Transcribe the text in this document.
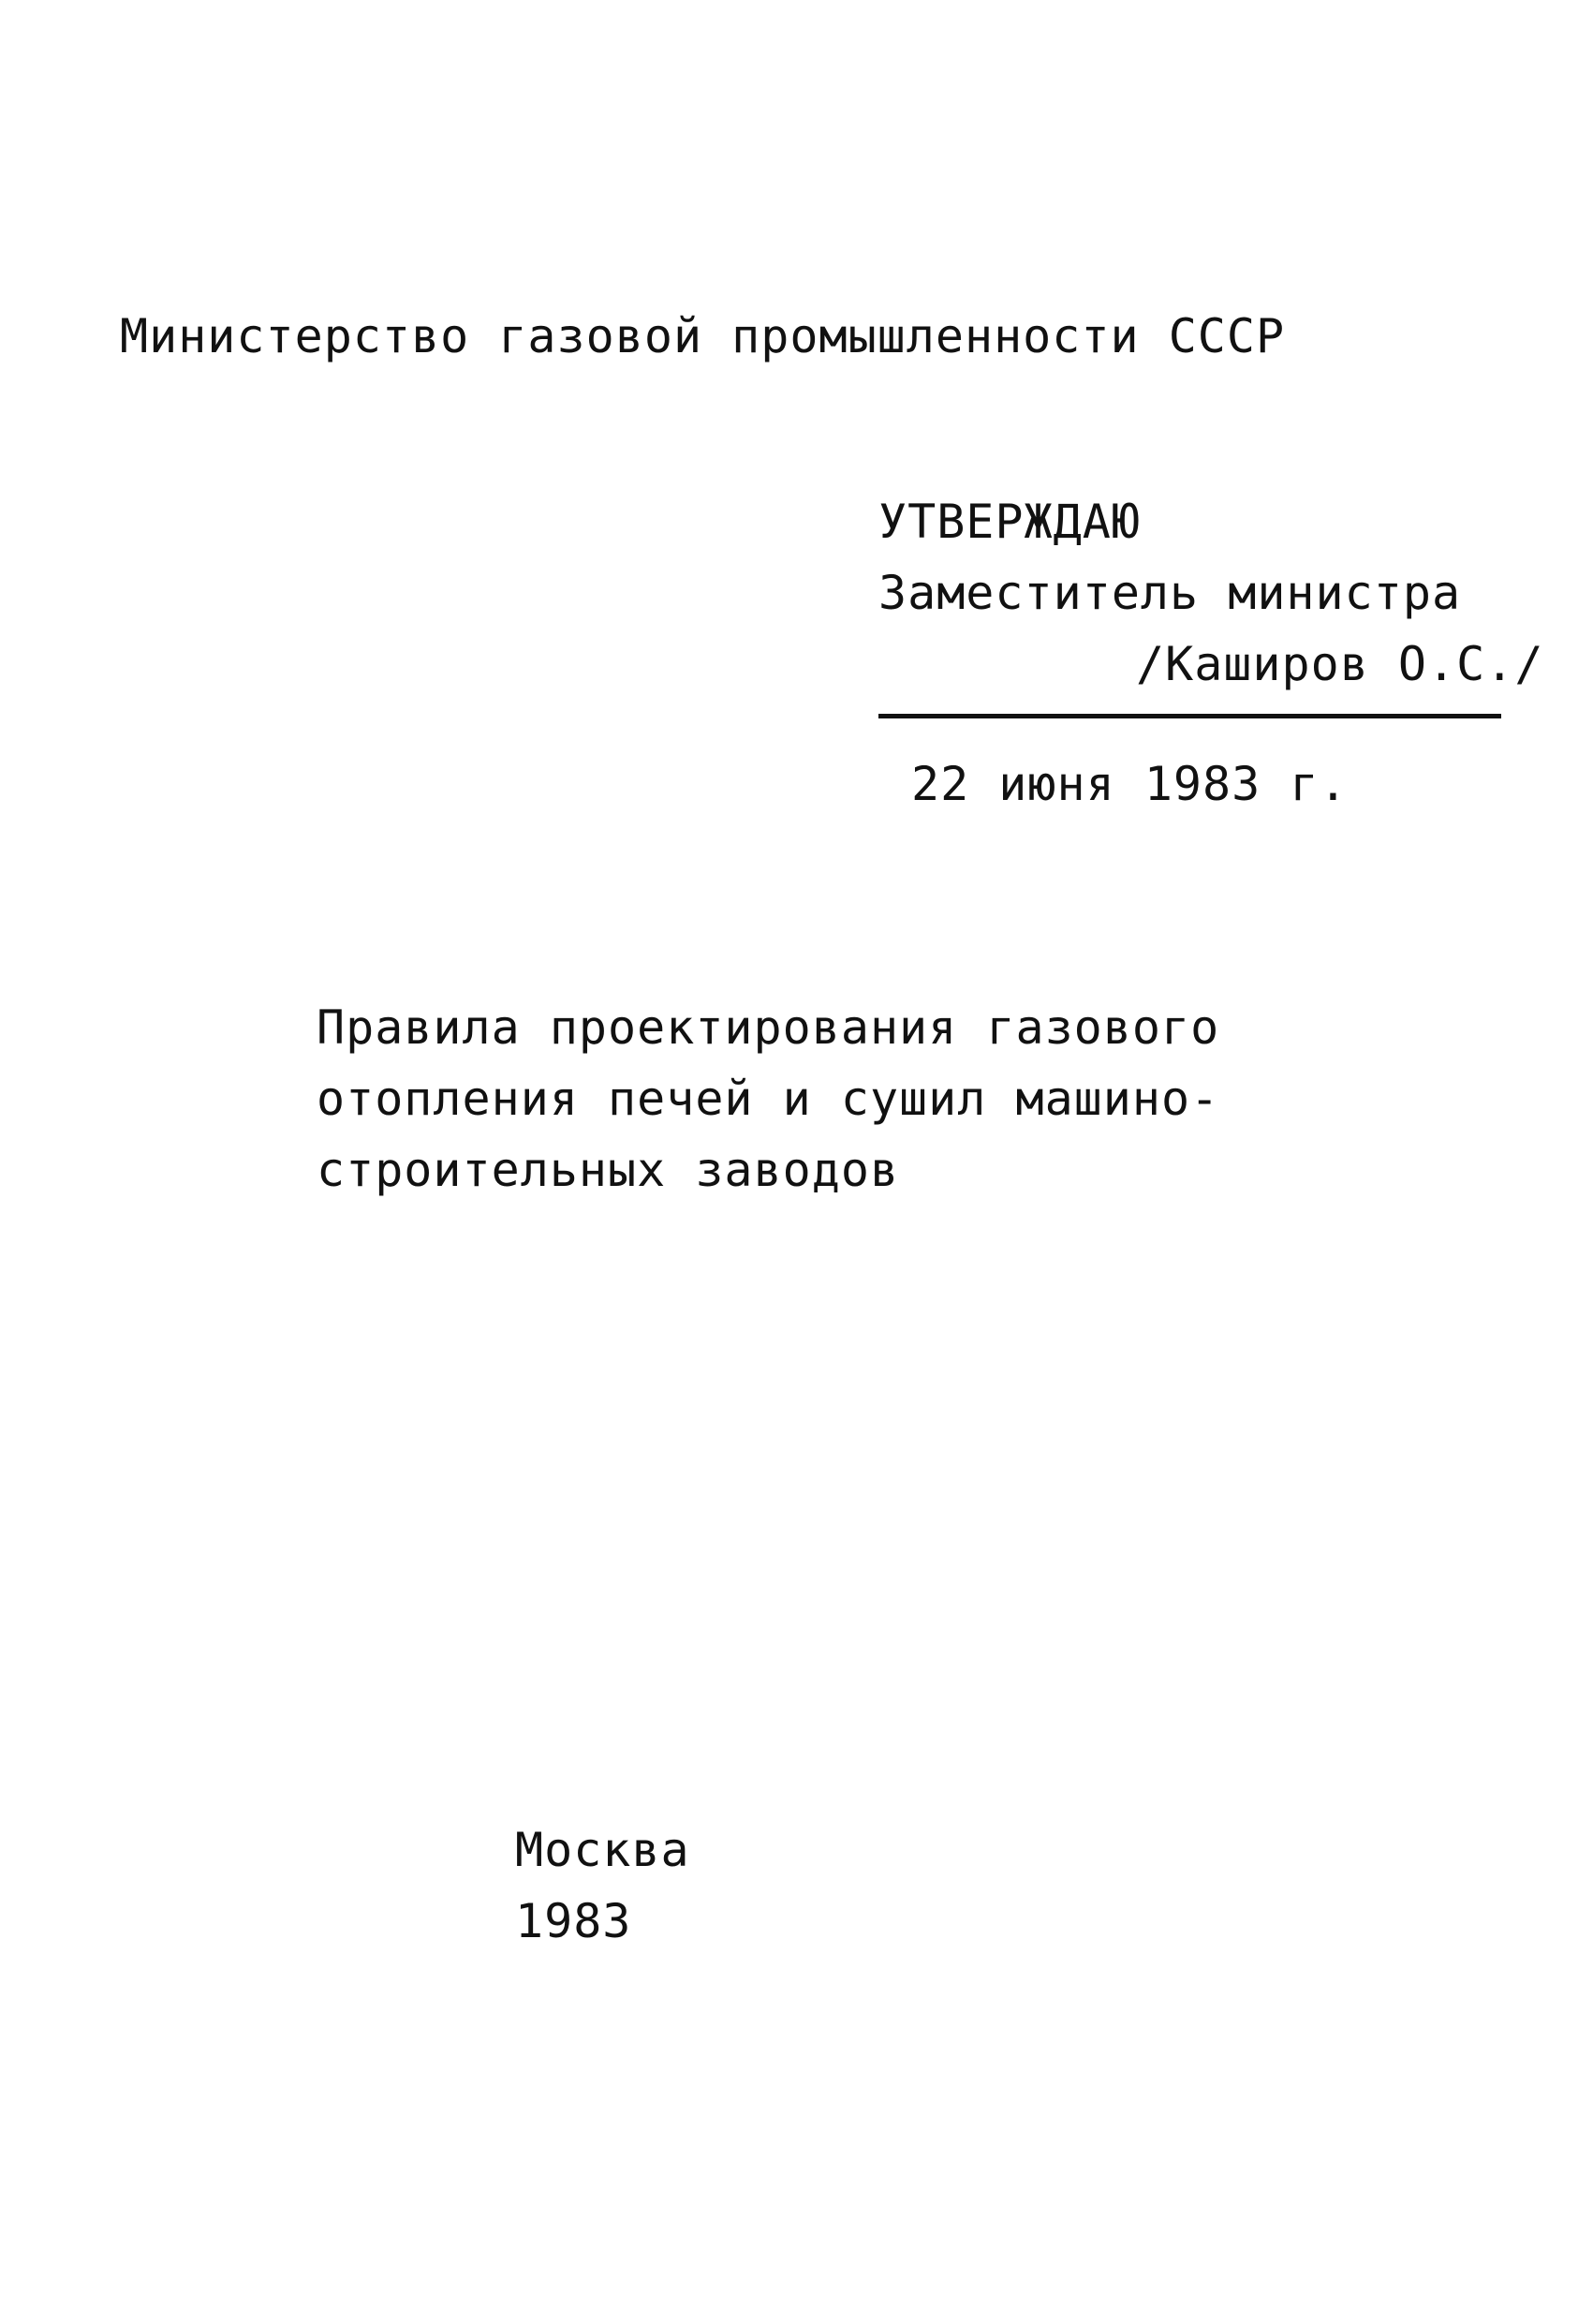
Министерство газовой промышленности СССР
УТВЕРЖДАЮ
Заместитель министра
/Каширов О.С./
22 июня 1983 г.
Правила проектирования газового
отопления печей и сушил машино-
строительных заводов
Москва
1983
